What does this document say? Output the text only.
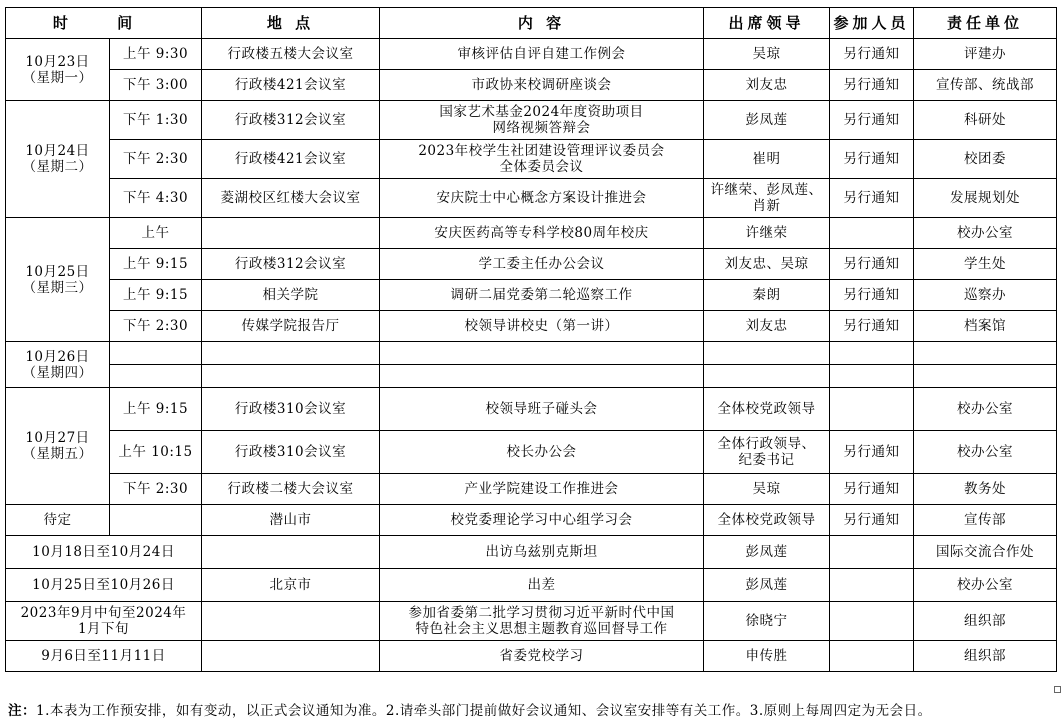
时 间		地 点	内 容	出席领导	参加人员	责任单位

10月23日
（星期一）	上午 9:30	行政楼五楼大会议室	审核评估自评自建工作例会	吴琼	另行通知	评建办
	下午 3:00	行政楼421会议室	市政协来校调研座谈会	刘友忠	另行通知	宣传部、统战部

10月24日
（星期二）	下午 1:30	行政楼312会议室	国家艺术基金2024年度资助项目
网络视频答辩会	彭凤莲	另行通知	科研处
	下午 2:30	行政楼421会议室	2023年校学生社团建设管理评议委员会
全体委员会议	崔明	另行通知	校团委
	下午 4:30	菱湖校区红楼大会议室	安庆院士中心概念方案设计推进会	许继荣、彭凤莲、
肖新	另行通知	发展规划处

10月25日
（星期三）	上午		安庆医药高等专科学校80周年校庆	许继荣		校办公室
	上午 9:15	行政楼312会议室	学工委主任办公会议	刘友忠、吴琼	另行通知	学生处
	上午 9:15	相关学院	调研二届党委第二轮巡察工作	秦朗	另行通知	巡察办
	下午 2:30	传媒学院报告厅	校领导讲校史（第一讲）	刘友忠	另行通知	档案馆

10月26日
（星期四）						

10月27日
（星期五）	上午 9:15	行政楼310会议室	校领导班子碰头会	全体校党政领导		校办公室
	上午 10:15	行政楼310会议室	校长办公会	全体行政领导、
纪委书记	另行通知	校办公室
	下午 2:30	行政楼二楼大会议室	产业学院建设工作推进会	吴琼	另行通知	教务处

待定		潜山市	校党委理论学习中心组学习会	全体校党政领导	另行通知	宣传部

10月18日至10月24日			出访乌兹别克斯坦	彭凤莲		国际交流合作处

10月25日至10月26日		北京市	出差	彭凤莲		校办公室

2023年9月中旬至2024年
1月下旬			参加省委第二批学习贯彻习近平新时代中国
特色社会主义思想主题教育巡回督导工作	徐晓宁		组织部

9月6日至11月11日			省委党校学习	申传胜		组织部
注：1.本表为工作预安排，如有变动，以正式会议通知为准。2.请牵头部门提前做好会议通知、会议室安排等有关工作。3.原则上每周四定为无会日。
